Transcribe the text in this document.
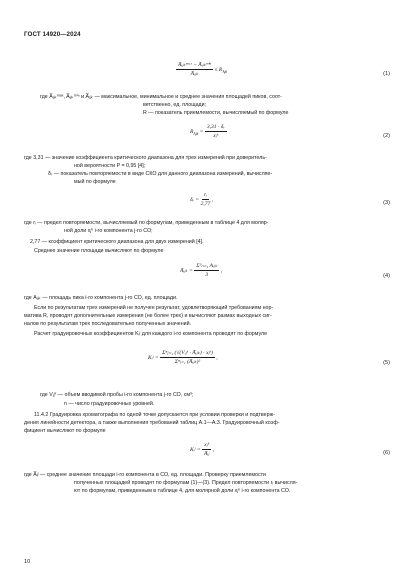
ГОСТ 14920—2024
$\frac{\text{A̅ᵢⱼₖᵐᵃˣ − A̅ᵢⱼₖᵐⁱⁿ}}{\text{A̅ᵢⱼₖ}} \le R_{Ajk}$	(1)
где A̅ᵢⱼₖᵐᵃˣ, A̅ᵢⱼₖᵐⁱⁿ и A̅ᵢⱼₖ — максимальное, минимальное и среднее значения площадей пиков, соот-
ветственно, ед. площади;
R — показатель приемлемости, вычисляемый по формуле
$R_{Ajk} = \frac{\text{3,31 · δᵣ}}{\text{xⱼᵏ}}$	(2)
где 3,31 — значение коэффициента критического диапазона для трех измерений при доверитель-
ной вероятности P = 0,95 [4];
δᵣ — показатель повторяемости в виде СКО для данного диапазона измерений, вычисляе-
мый по формуле
δᵣ = $\frac{\text{rᵢ}}{2,77}$ ,
(3)
где rᵢ — предел повторяемости, вычисляемый по формулам, приведенным в таблице 4 для моляр-
ной доли xⱼᵏ i-го компонента j-го СО;
2,77 — коэффициент критического диапазона для двух измерений [4].
Среднее значение площади вычисляют по формуле
A̅ᵢⱼₖ = $\frac{\text{Σ³ₙ₌₁ Aᵢⱼₖ}}{3}$ ,
(4)
где Aᵢⱼₖ — площадь пика i-го компонента j-го СО, ед. площади.
Если по результатам трех измерений не получен результат, удовлетворяющий требованиям нор-
матива R, проводят дополнительные измерения (не более трех) и вычисляют размах выходных сиг-
налов по результатам трех последовательно полученных значений.
Расчет градуировочных коэффициентов Kᵢʲ для каждого i-го компонента проводят по формуле
Kᵢʲ = $\frac{\text{Σⁿⱼ₌₁ (√(Vᵢⱼᵏ · A̅ᵢⱼₖ) · xⱼᵏ)}}{\text{Σⁿⱼ₌₁ (A̅ᵢⱼₖ)²}}$ ,
(5)
где Vᵢⱼᵏ — объем вводимой пробы i-го компонента j-го СО, см³;
n — число градуировочных уровней.
11.4.2 Градуировка хроматографа по одной точке допускается при условии проверки и подтверж-
дения линейности детектора, а также выполнения требований таблиц А.1—А.3. Градуировочный коэф-
фициент вычисляют по формуле
Kᵢʲ = $\frac{\text{xⱼᵏ}}{\text{A̅ᵢⱼ}}$ ,
(6)
где A̅ᵢʲ — среднее значение площади i-го компонента в СО, ед. площади. Проверку приемлемости
полученных площадей проводят по формулам (1)—(3). Предел повторяемости rᵢ вычисля-
ют по формулам, приведенным в таблице 4, для молярной доли xⱼᵏ i-го компонента СО.
10
